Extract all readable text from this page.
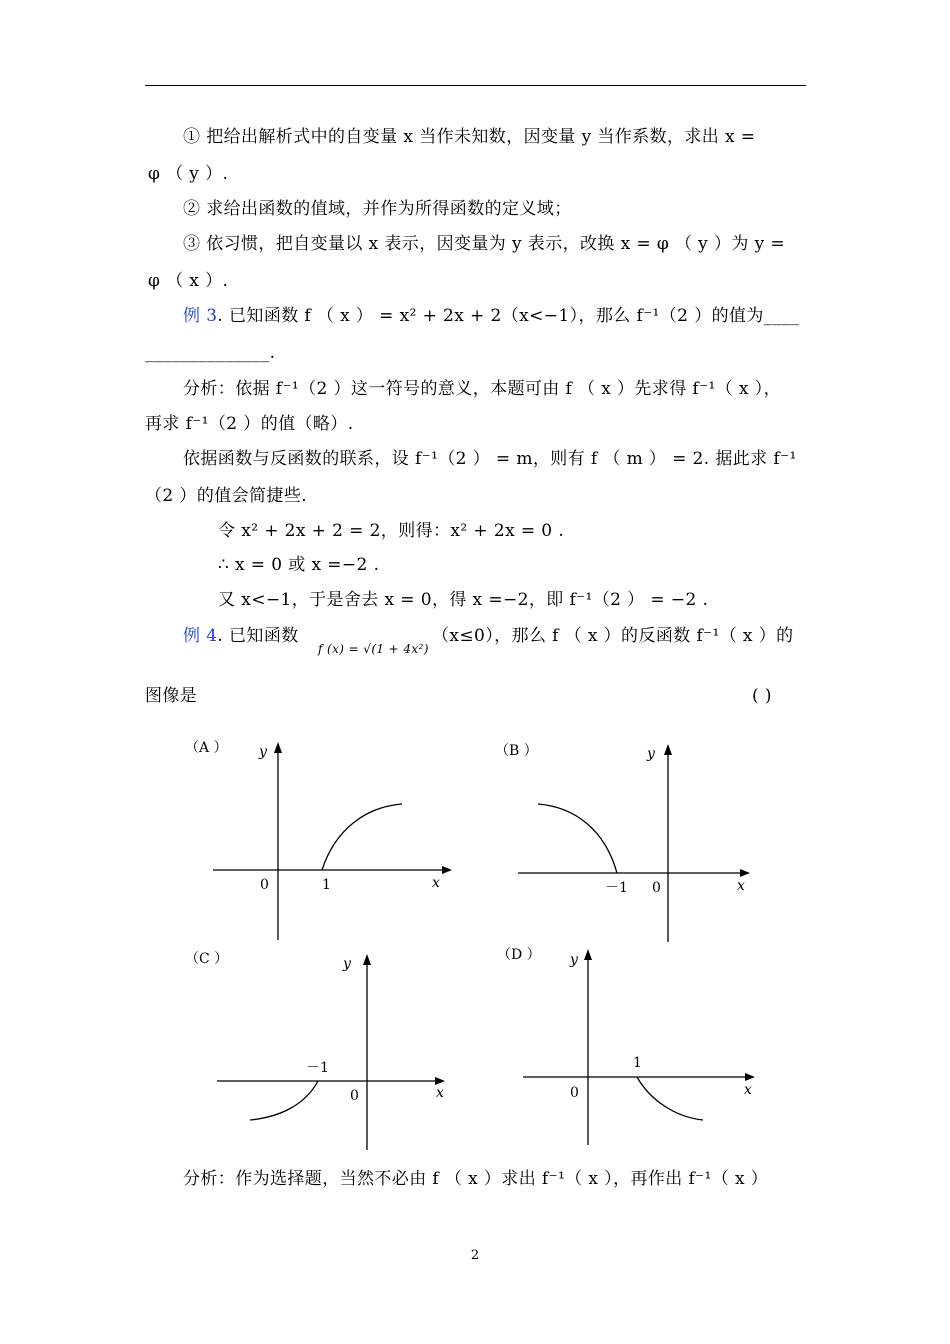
① 把给出解析式中的自变量 x 当作未知数，因变量 y 当作系数，求出 x =
φ （ y ）.
② 求给出函数的值域，并作为所得函数的定义域；
③ 依习惯，把自变量以 x 表示，因变量为 y 表示，改换 x = φ （ y ）为 y =
φ （ x ）.
例 3. 已知函数 f （ x ） = x² + 2x + 2（x<−1），那么 f⁻¹（2 ）的值为____
______________.
分析：依据 f⁻¹（2 ）这一符号的意义，本题可由 f （ x ）先求得 f⁻¹（ x ），
再求 f⁻¹（2 ）的值（略）.
依据函数与反函数的联系，设 f⁻¹（2 ） = m，则有 f （ m ） = 2. 据此求 f⁻¹
（2 ）的值会简捷些.
令 x² + 2x + 2 = 2，则得：x² + 2x = 0 .
∴ x = 0 或 x =−2 .
又 x<−1，于是舍去 x = 0，得 x =−2，即 f⁻¹（2 ） = −2 .
例 4. 已知函数
f (x) = √(1 + 4x²)
（x≤0），那么 f （ x ）的反函数 f⁻¹（ x ）的
图像是	( )
（A ） y
x
0	1
（B ）	y
x
0
－1
（C ）	y
x
0
－1
（D ） y
x
0
1
分析：作为选择题，当然不必由 f （ x ）求出 f⁻¹（ x ），再作出 f⁻¹（ x ）
2
